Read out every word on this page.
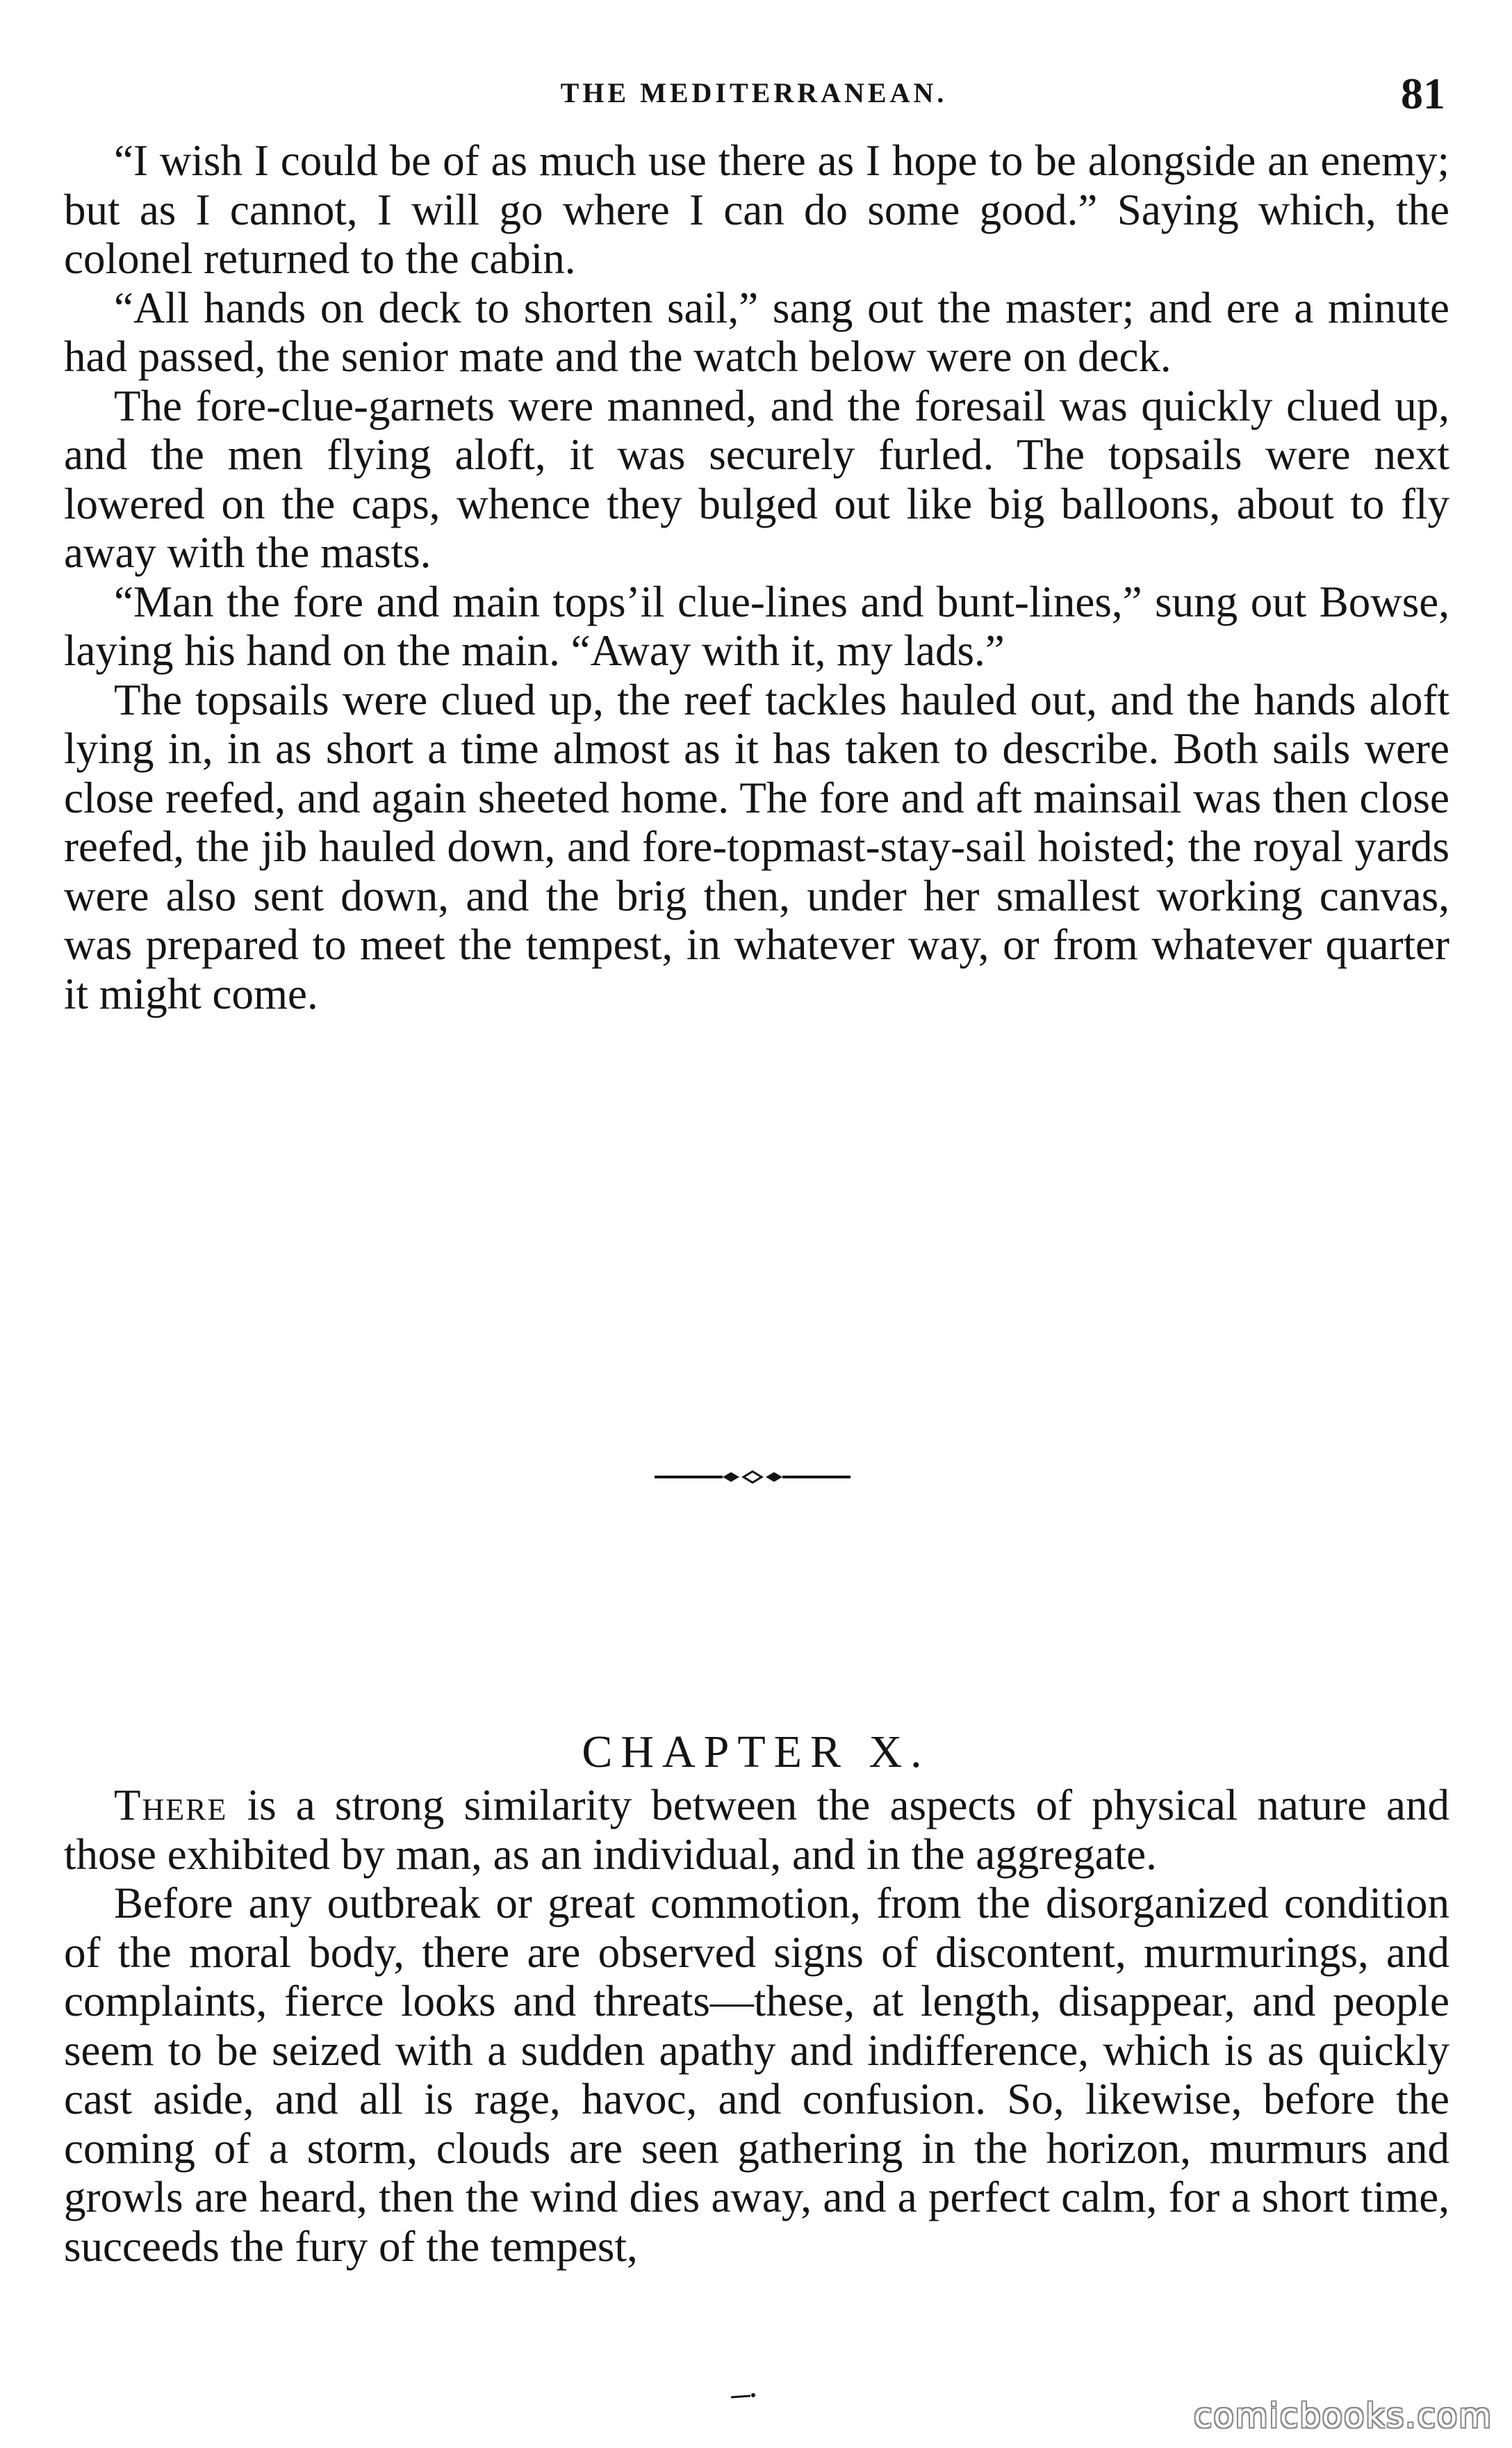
THE MEDITERRANEAN.	81

“I wish I could be of as much use there as I hope to be alongside an enemy; but as I cannot, I will go where I can do some good.” Saying which, the colonel returned to the cabin.

“All hands on deck to shorten sail,” sang out the master; and ere a minute had passed, the senior mate and the watch below were on deck.

The fore-clue-garnets were manned, and the foresail was quickly clued up, and the men flying aloft, it was securely furled. The topsails were next lowered on the caps, whence they bulged out like big balloons, about to fly away with the masts.

“Man the fore and main tops’il clue-lines and bunt-lines,” sung out Bowse, laying his hand on the main. “Away with it, my lads.”

The topsails were clued up, the reef tackles hauled out, and the hands aloft lying in, in as short a time almost as it has taken to describe. Both sails were close reefed, and again sheeted home. The fore and aft mainsail was then close reefed, the jib hauled down, and fore-topmast-stay-sail hoisted; the royal yards were also sent down, and the brig then, under her smallest working canvas, was prepared to meet the tempest, in whatever way, or from whatever quarter it might come.

CHAPTER X.

There is a strong similarity between the aspects of physical nature and those exhibited by man, as an individual, and in the aggregate.

Before any outbreak or great commotion, from the disorganized condition of the moral body, there are observed signs of discontent, murmurings, and complaints, fierce looks and threats—these, at length, disappear, and people seem to be seized with a sudden apathy and indifference, which is as quickly cast aside, and all is rage, havoc, and confusion. So, likewise, before the coming of a storm, clouds are seen gathering in the horizon, murmurs and growls are heard, then the wind dies away, and a perfect calm, for a short time, succeeds the fury of the tempest,

comicbooks.com
